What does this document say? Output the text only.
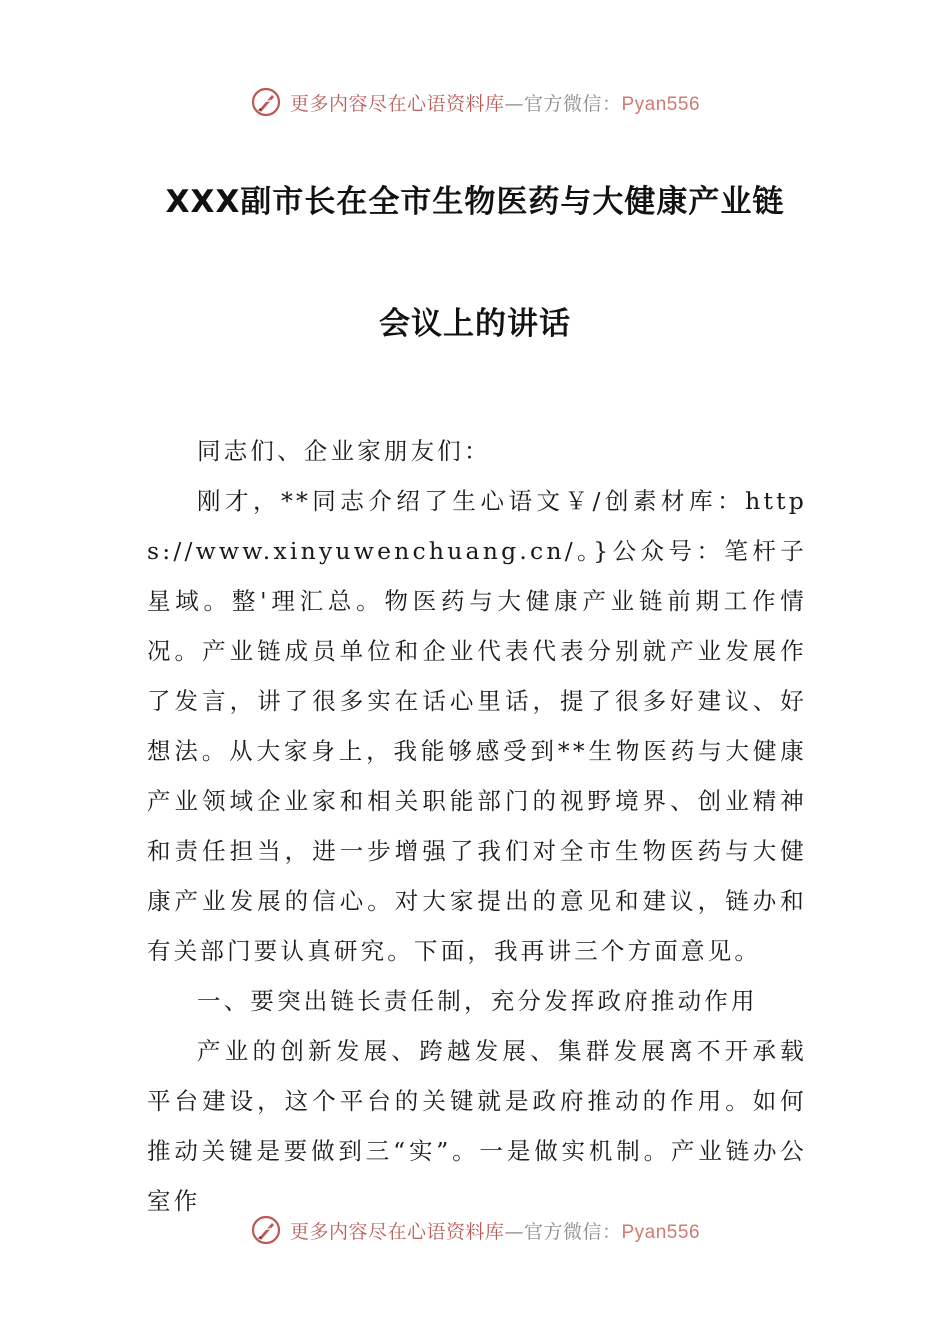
更多内容尽在心语资料库—官方微信：Pyan556
XXX副市长在全市生物医药与大健康产业链
会议上的讲话

同志们、企业家朋友们：

刚才，**同志介绍了生心语文￥/创素材库：https://www.xinyuwenchuang.cn/。}公众号：笔杆子星域。整'理汇总。物医药与大健康产业链前期工作情况。产业链成员单位和企业代表代表分别就产业发展作了发言，讲了很多实在话心里话，提了很多好建议、好想法。从大家身上，我能够感受到**生物医药与大健康产业领域企业家和相关职能部门的视野境界、创业精神和责任担当，进一步增强了我们对全市生物医药与大健康产业发展的信心。对大家提出的意见和建议，链办和有关部门要认真研究。下面，我再讲三个方面意见。

一、要突出链长责任制，充分发挥政府推动作用

产业的创新发展、跨越发展、集群发展离不开承载平台建设，这个平台的关键就是政府推动的作用。如何推动关键是要做到三“实”。一是做实机制。产业链办公室作

更多内容尽在心语资料库—官方微信：Pyan556
